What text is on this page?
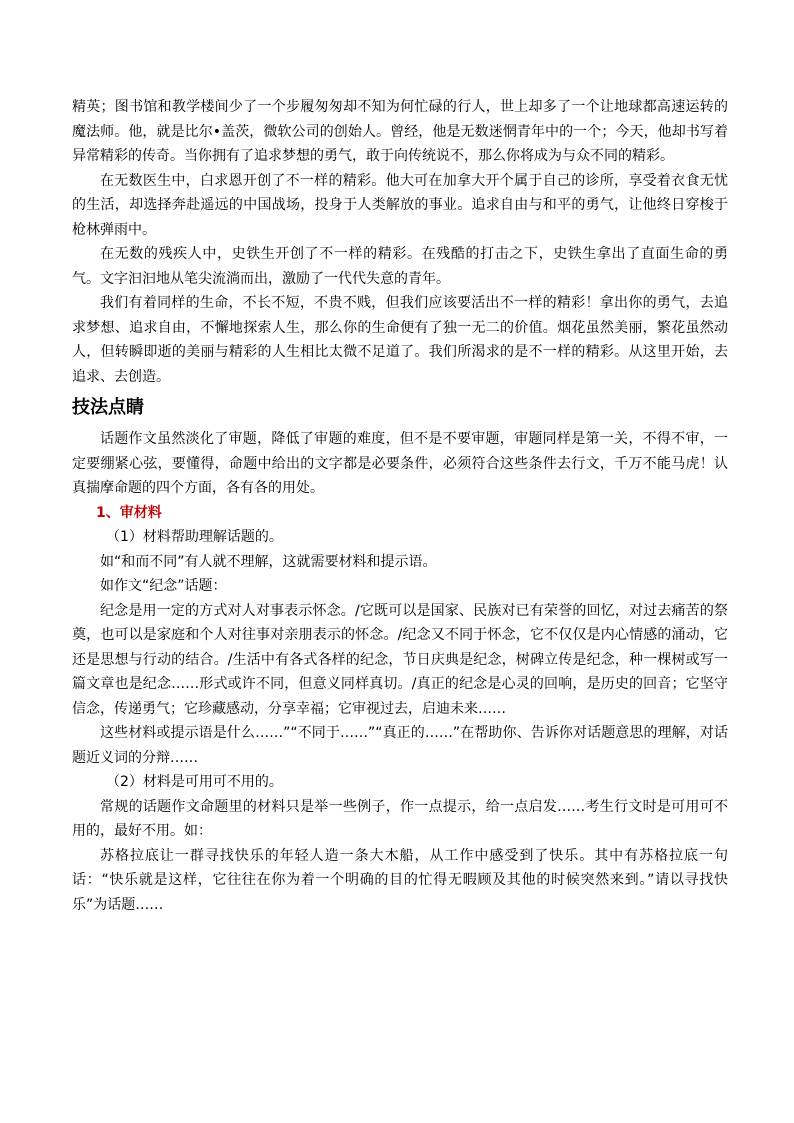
精英；图书馆和教学楼间少了一个步履匆匆却不知为何忙碌的行人，世上却多了一个让地球都高速运转的魔法师。他，就是比尔•盖茨，微软公司的创始人。曾经，他是无数迷惘青年中的一个；今天，他却书写着异常精彩的传奇。当你拥有了追求梦想的勇气，敢于向传统说不，那么你将成为与众不同的精彩。

在无数医生中，白求恩开创了不一样的精彩。他大可在加拿大开个属于自己的诊所，享受着衣食无忧的生活，却选择奔赴遥远的中国战场，投身于人类解放的事业。追求自由与和平的勇气，让他终日穿梭于枪林弹雨中。

在无数的残疾人中，史铁生开创了不一样的精彩。在残酷的打击之下，史铁生拿出了直面生命的勇气。文字汩汩地从笔尖流淌而出，激励了一代代失意的青年。

我们有着同样的生命，不长不短，不贵不贱，但我们应该要活出不一样的精彩！拿出你的勇气，去追求梦想、追求自由，不懈地探索人生，那么你的生命便有了独一无二的价值。烟花虽然美丽，繁花虽然动人，但转瞬即逝的美丽与精彩的人生相比太微不足道了。我们所渴求的是不一样的精彩。从这里开始，去追求、去创造。

技法点睛

话题作文虽然淡化了审题，降低了审题的难度，但不是不要审题，审题同样是第一关，不得不审，一定要绷紧心弦，要懂得，命题中给出的文字都是必要条件，必须符合这些条件去行文，千万不能马虎！认真揣摩命题的四个方面，各有各的用处。

1、审材料

（1）材料帮助理解话题的。

如“和而不同”有人就不理解，这就需要材料和提示语。

如作文“纪念”话题：

纪念是用一定的方式对人对事表示怀念。/它既可以是国家、民族对已有荣誉的回忆，对过去痛苦的祭奠，也可以是家庭和个人对往事对亲朋表示的怀念。/纪念又不同于怀念，它不仅仅是内心情感的涌动，它还是思想与行动的结合。/生活中有各式各样的纪念，节日庆典是纪念，树碑立传是纪念，种一棵树或写一篇文章也是纪念……形式或许不同，但意义同样真切。/真正的纪念是心灵的回响，是历史的回音；它坚守信念，传递勇气；它珍藏感动，分享幸福；它审视过去，启迪未来……

这些材料或提示语是什么……”“不同于……”“真正的……”在帮助你、告诉你对话题意思的理解，对话题近义词的分辩……

（2）材料是可用可不用的。

常规的话题作文命题里的材料只是举一些例子，作一点提示，给一点启发……考生行文时是可用可不用的，最好不用。如：

苏格拉底让一群寻找快乐的年轻人造一条大木船，从工作中感受到了快乐。其中有苏格拉底一句话：“快乐就是这样，它往往在你为着一个明确的目的忙得无暇顾及其他的时候突然来到。”请以寻找快乐”为话题……
